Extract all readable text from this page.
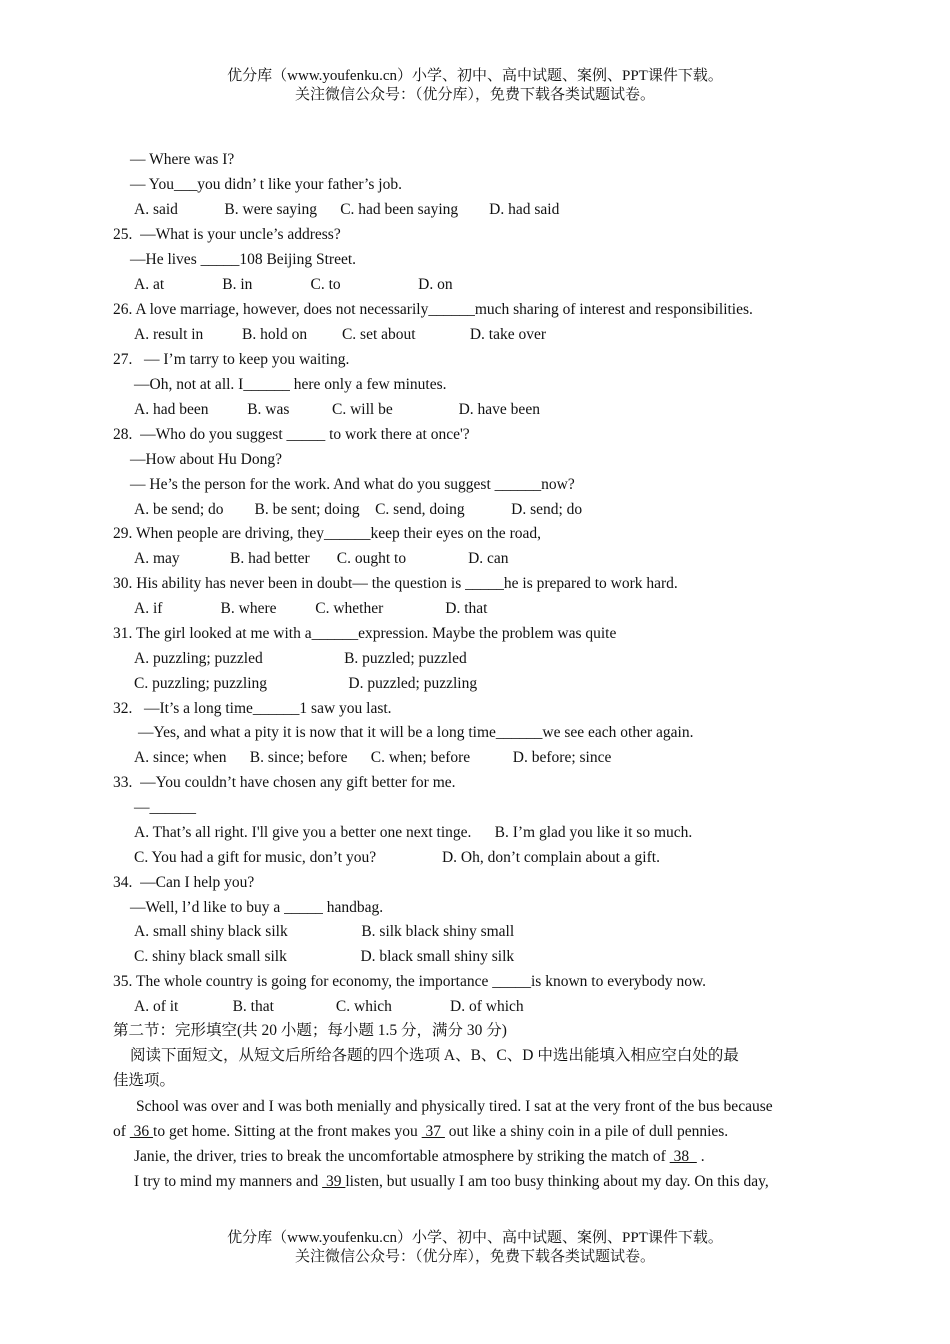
优分库（www.youfenku.cn）小学、初中、高中试题、案例、PPT课件下载。
关注微信公众号：（优分库），免费下载各类试题试卷。
— Where was I?
— You___you didn’ t like your father’s job.
A. said            B. were saying      C. had been saying        D. had said
25.  —What is your uncle’s address?
—He lives _____108 Beijing Street.
A. at               B. in               C. to                    D. on
26. A love marriage, however, does not necessarily______much sharing of interest and responsibilities.
A. result in          B. hold on         C. set about              D. take over
27.   — I’m tarry to keep you waiting.
—Oh, not at all. I______ here only a few minutes.
A. had been          B. was           C. will be                 D. have been
28.  —Who do you suggest _____ to work there at once'?
—How about Hu Dong?
— He’s the person for the work. And what do you suggest ______now?
A. be send; do        B. be sent; doing    C. send, doing            D. send; do
29. When people are driving, they______keep their eyes on the road,
A. may             B. had better       C. ought to                D. can
30. His ability has never been in doubt— the question is _____he is prepared to work hard.
A. if               B. where          C. whether                D. that
31. The girl looked at me with a______expression. Maybe the problem was quite
A. puzzling; puzzled                     B. puzzled; puzzled
C. puzzling; puzzling                     D. puzzled; puzzling
32.   —It’s a long time______1 saw you last.
—Yes, and what a pity it is now that it will be a long time______we see each other again.
A. since; when      B. since; before      C. when; before           D. before; since
33.  —You couldn’t have chosen any gift better for me.
—______
A. That’s all right. I'll give you a better one next tinge.      B. I’m glad you like it so much.
C. You had a gift for music, don’t you?                 D. Oh, don’t complain about a gift.
34.  —Can I help you?
—Well, l’d like to buy a _____ handbag.
A. small shiny black silk                   B. silk black shiny small
C. shiny black small silk                   D. black small shiny silk
35. The whole country is going for economy, the importance _____is known to everybody now.
A. of it              B. that                C. which               D. of which
第二节：完形填空(共 20 小题；每小题 1.5 分，满分 30 分)
阅读下面短文，从短文后所给各题的四个选项 A、B、C、D 中选出能填入相应空白处的最
佳选项。
School was over and I was both menially and physically tired. I sat at the very front of the bus because
of  36 to get home. Sitting at the front makes you  37  out like a shiny coin in a pile of dull pennies.
Janie, the driver, tries to break the uncomfortable atmosphere by striking the match of  38   .
I try to mind my manners and  39 listen, but usually I am too busy thinking about my day. On this day,
优分库（www.youfenku.cn）小学、初中、高中试题、案例、PPT课件下载。
关注微信公众号：（优分库），免费下载各类试题试卷。
